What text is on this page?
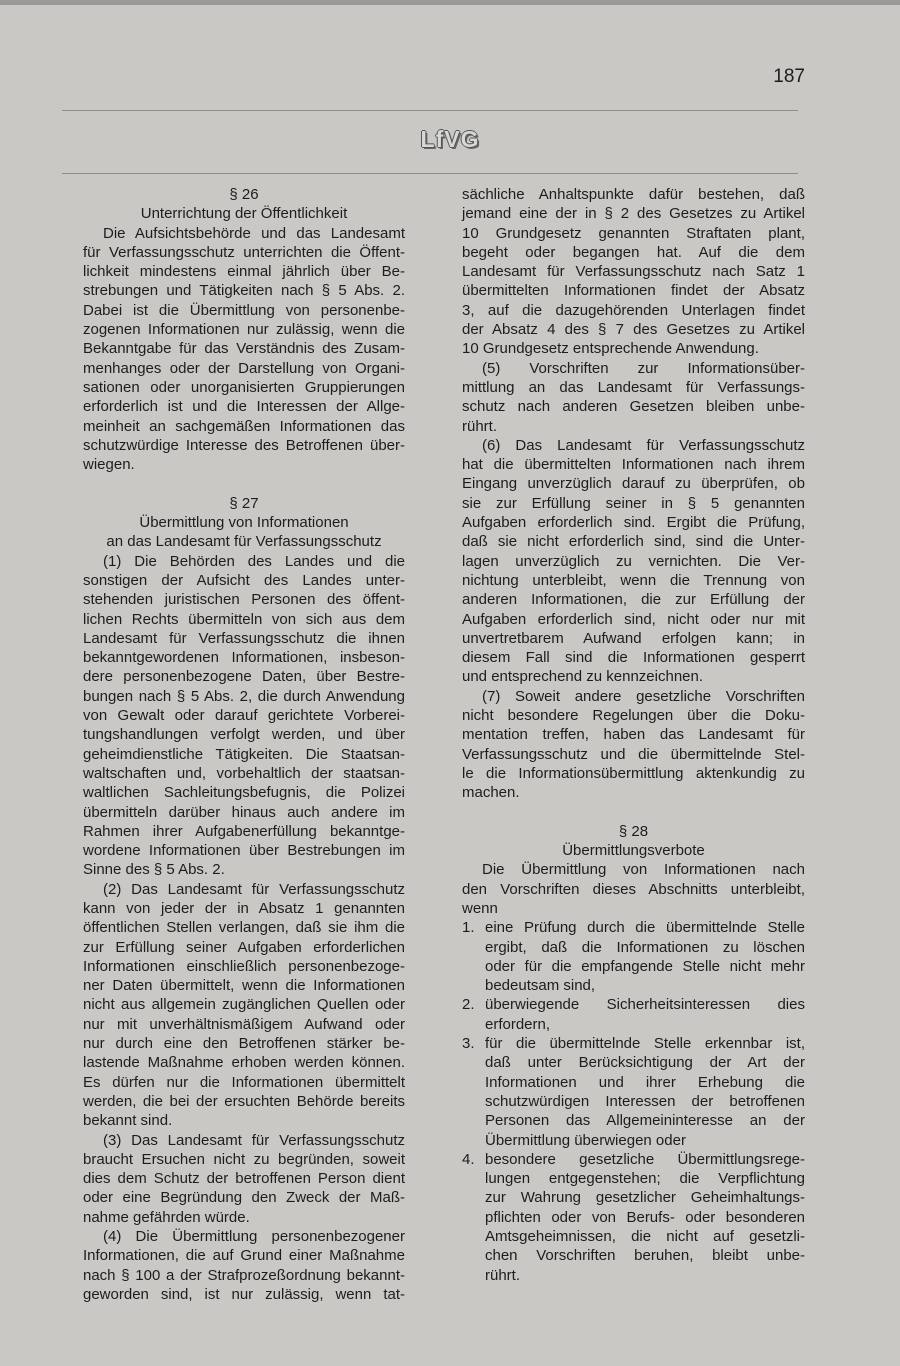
187
LfVG
§ 26
Unterrichtung der Öffentlichkeit
Die Aufsichtsbehörde und das Landesamt
für Verfassungsschutz unterrichten die Öffent-
lichkeit mindestens einmal jährlich über Be-
strebungen und Tätigkeiten nach § 5 Abs. 2.
Dabei ist die Übermittlung von personenbe-
zogenen Informationen nur zulässig, wenn die
Bekanntgabe für das Verständnis des Zusam-
menhanges oder der Darstellung von Organi-
sationen oder unorganisierten Gruppierungen
erforderlich ist und die Interessen der Allge-
meinheit an sachgemäßen Informationen das
schutzwürdige Interesse des Betroffenen über-
wiegen.
§ 27
Übermittlung von Informationen
an das Landesamt für Verfassungsschutz
(1) Die Behörden des Landes und die
sonstigen der Aufsicht des Landes unter-
stehenden juristischen Personen des öffent-
lichen Rechts übermitteln von sich aus dem
Landesamt für Verfassungsschutz die ihnen
bekanntgewordenen Informationen, insbeson-
dere personenbezogene Daten, über Bestre-
bungen nach § 5 Abs. 2, die durch Anwendung
von Gewalt oder darauf gerichtete Vorberei-
tungshandlungen verfolgt werden, und über
geheimdienstliche Tätigkeiten. Die Staatsan-
waltschaften und, vorbehaltlich der staatsan-
waltlichen Sachleitungsbefugnis, die Polizei
übermitteln darüber hinaus auch andere im
Rahmen ihrer Aufgabenerfüllung bekanntge-
wordene Informationen über Bestrebungen im
Sinne des § 5 Abs. 2.
(2) Das Landesamt für Verfassungsschutz
kann von jeder der in Absatz 1 genannten
öffentlichen Stellen verlangen, daß sie ihm die
zur Erfüllung seiner Aufgaben erforderlichen
Informationen einschließlich personenbezoge-
ner Daten übermittelt, wenn die Informationen
nicht aus allgemein zugänglichen Quellen oder
nur mit unverhältnismäßigem Aufwand oder
nur durch eine den Betroffenen stärker be-
lastende Maßnahme erhoben werden können.
Es dürfen nur die Informationen übermittelt
werden, die bei der ersuchten Behörde bereits
bekannt sind.
(3) Das Landesamt für Verfassungsschutz
braucht Ersuchen nicht zu begründen, soweit
dies dem Schutz der betroffenen Person dient
oder eine Begründung den Zweck der Maß-
nahme gefährden würde.
(4) Die Übermittlung personenbezogener
Informationen, die auf Grund einer Maßnahme
nach § 100 a der Strafprozeßordnung bekannt-
geworden sind, ist nur zulässig, wenn tat-
sächliche Anhaltspunkte dafür bestehen, daß
jemand eine der in § 2 des Gesetzes zu Artikel
10 Grundgesetz genannten Straftaten plant,
begeht oder begangen hat. Auf die dem
Landesamt für Verfassungsschutz nach Satz 1
übermittelten Informationen findet der Absatz
3, auf die dazugehörenden Unterlagen findet
der Absatz 4 des § 7 des Gesetzes zu Artikel
10 Grundgesetz entsprechende Anwendung.
(5) Vorschriften zur Informationsüber-
mittlung an das Landesamt für Verfassungs-
schutz nach anderen Gesetzen bleiben unbe-
rührt.
(6) Das Landesamt für Verfassungsschutz
hat die übermittelten Informationen nach ihrem
Eingang unverzüglich darauf zu überprüfen, ob
sie zur Erfüllung seiner in § 5 genannten
Aufgaben erforderlich sind. Ergibt die Prüfung,
daß sie nicht erforderlich sind, sind die Unter-
lagen unverzüglich zu vernichten. Die Ver-
nichtung unterbleibt, wenn die Trennung von
anderen Informationen, die zur Erfüllung der
Aufgaben erforderlich sind, nicht oder nur mit
unvertretbarem Aufwand erfolgen kann; in
diesem Fall sind die Informationen gesperrt
und entsprechend zu kennzeichnen.
(7) Soweit andere gesetzliche Vorschriften
nicht besondere Regelungen über die Doku-
mentation treffen, haben das Landesamt für
Verfassungsschutz und die übermittelnde Stel-
le die Informationsübermittlung aktenkundig zu
machen.
§ 28
Übermittlungsverbote
Die Übermittlung von Informationen nach
den Vorschriften dieses Abschnitts unterbleibt,
wenn
1. eine Prüfung durch die übermittelnde Stelle
ergibt, daß die Informationen zu löschen
oder für die empfangende Stelle nicht mehr
bedeutsam sind,
2. überwiegende Sicherheitsinteressen dies
erfordern,
3. für die übermittelnde Stelle erkennbar ist,
daß unter Berücksichtigung der Art der
Informationen und ihrer Erhebung die
schutzwürdigen Interessen der betroffenen
Personen das Allgemeininteresse an der
Übermittlung überwiegen oder
4. besondere gesetzliche Übermittlungsrege-
lungen entgegenstehen; die Verpflichtung
zur Wahrung gesetzlicher Geheimhaltungs-
pflichten oder von Berufs- oder besonderen
Amtsgeheimnissen, die nicht auf gesetzli-
chen Vorschriften beruhen, bleibt unbe-
rührt.
